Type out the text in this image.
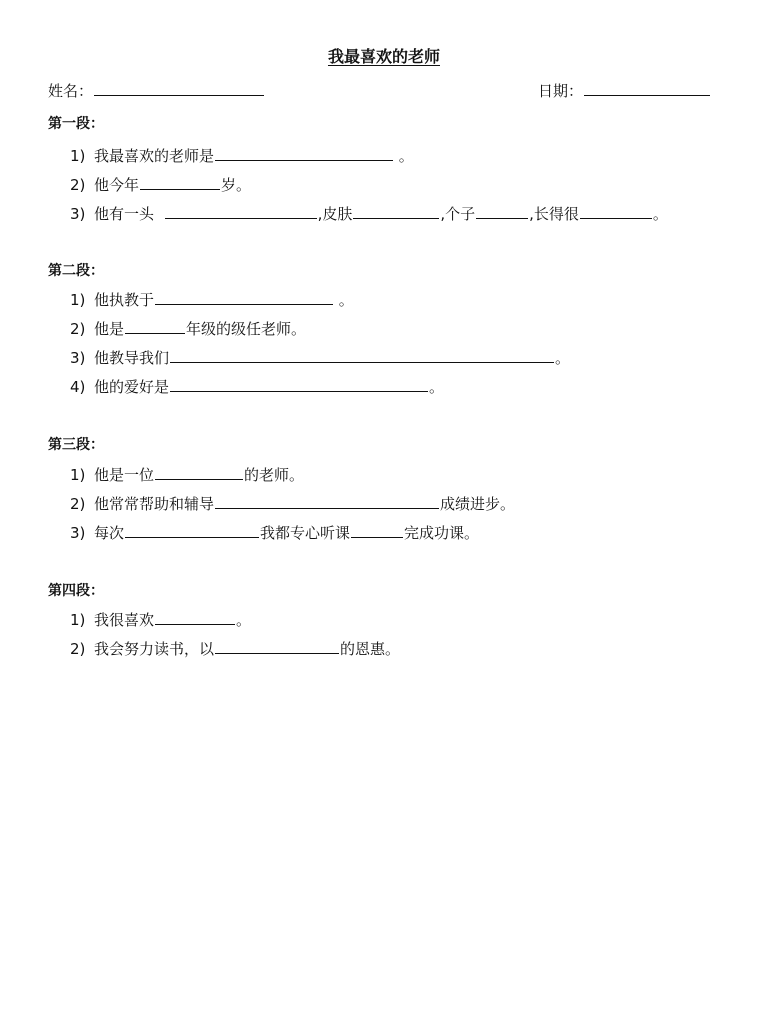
我最喜欢的老师
姓名：	日期：
第一段：
1) 我最喜欢的老师是	。
2) 他今年	岁。
3) 他有一头	,皮肤	,个子	,长得很	。
第二段：
1) 他执教于	。
2) 他是	年级的级任老师。
3) 他教导我们	。
4) 他的爱好是	。
第三段：
1) 他是一位	的老师。
2) 他常常帮助和辅导	成绩进步。
3) 每次	我都专心听课	完成功课。
第四段：
1) 我很喜欢	。
2) 我会努力读书，以	的恩惠。
